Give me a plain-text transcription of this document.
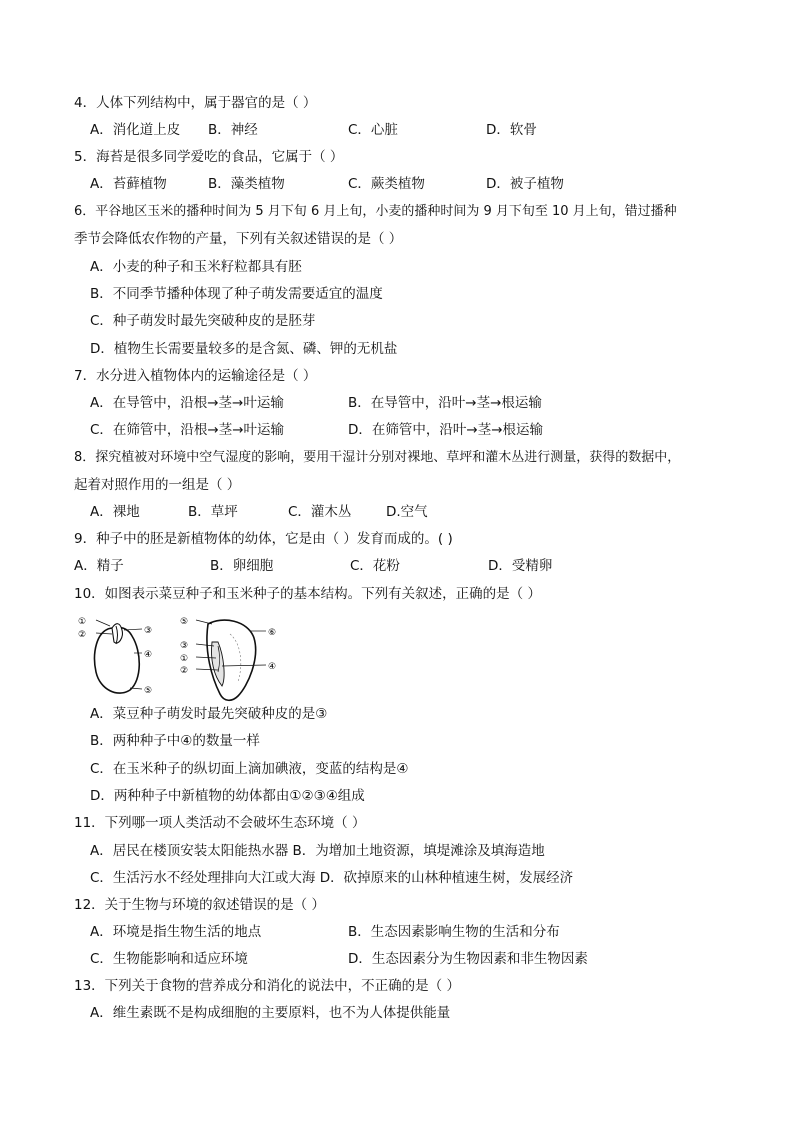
4．人体下列结构中，属于器官的是（ ）
A．消化道上皮 B．神经	C．心脏	D．软骨
5．海苔是很多同学爱吃的食品，它属于（ ）
A．苔藓植物	B．藻类植物	C．蕨类植物	D．被子植物
6．平谷地区玉米的播种时间为 5 月下旬 6 月上旬，小麦的播种时间为 9 月下旬至 10 月上旬，错过播种
季节会降低农作物的产量，下列有关叙述错误的是（ ）
A．小麦的种子和玉米籽粒都具有胚
B．不同季节播种体现了种子萌发需要适宜的温度
C．种子萌发时最先突破种皮的是胚芽
D．植物生长需要量较多的是含氮、磷、钾的无机盐
7．水分进入植物体内的运输途径是（ ）
A．在导管中，沿根→茎→叶运输	B．在导管中，沿叶→茎→根运输
C．在筛管中，沿根→茎→叶运输	D．在筛管中，沿叶→茎→根运输
8．探究植被对环境中空气湿度的影响，要用干湿计分别对裸地、草坪和灌木丛进行测量，获得的数据中，
起着对照作用的一组是（ ）
A．裸地	B．草坪	C．灌木丛	D.空气
9．种子中的胚是新植物体的幼体，它是由（ ）发育而成的。( )
A．精子	B．卵细胞	C．花粉	D．受精卵
10．如图表示菜豆种子和玉米种子的基本结构。下列有关叙述，正确的是（ ）
①
②	③
④
⑤
⑤
③
①
②
⑥
④
A．菜豆种子萌发时最先突破种皮的是③
B．两种种子中④的数量一样
C．在玉米种子的纵切面上滴加碘液，变蓝的结构是④
D．两种种子中新植物的幼体都由①②③④组成
11．下列哪一项人类活动不会破坏生态环境（ ）
A．居民在楼顶安装太阳能热水器 B．为增加土地资源，填堤滩涂及填海造地
C．生活污水不经处理排向大江或大海 D．砍掉原来的山林种植速生树，发展经济
12．关于生物与环境的叙述错误的是（ ）
A．环境是指生物生活的地点	B．生态因素影响生物的生活和分布
C．生物能影响和适应环境	D．生态因素分为生物因素和非生物因素
13．下列关于食物的营养成分和消化的说法中，不正确的是（ ）
A．维生素既不是构成细胞的主要原料，也不为人体提供能量
